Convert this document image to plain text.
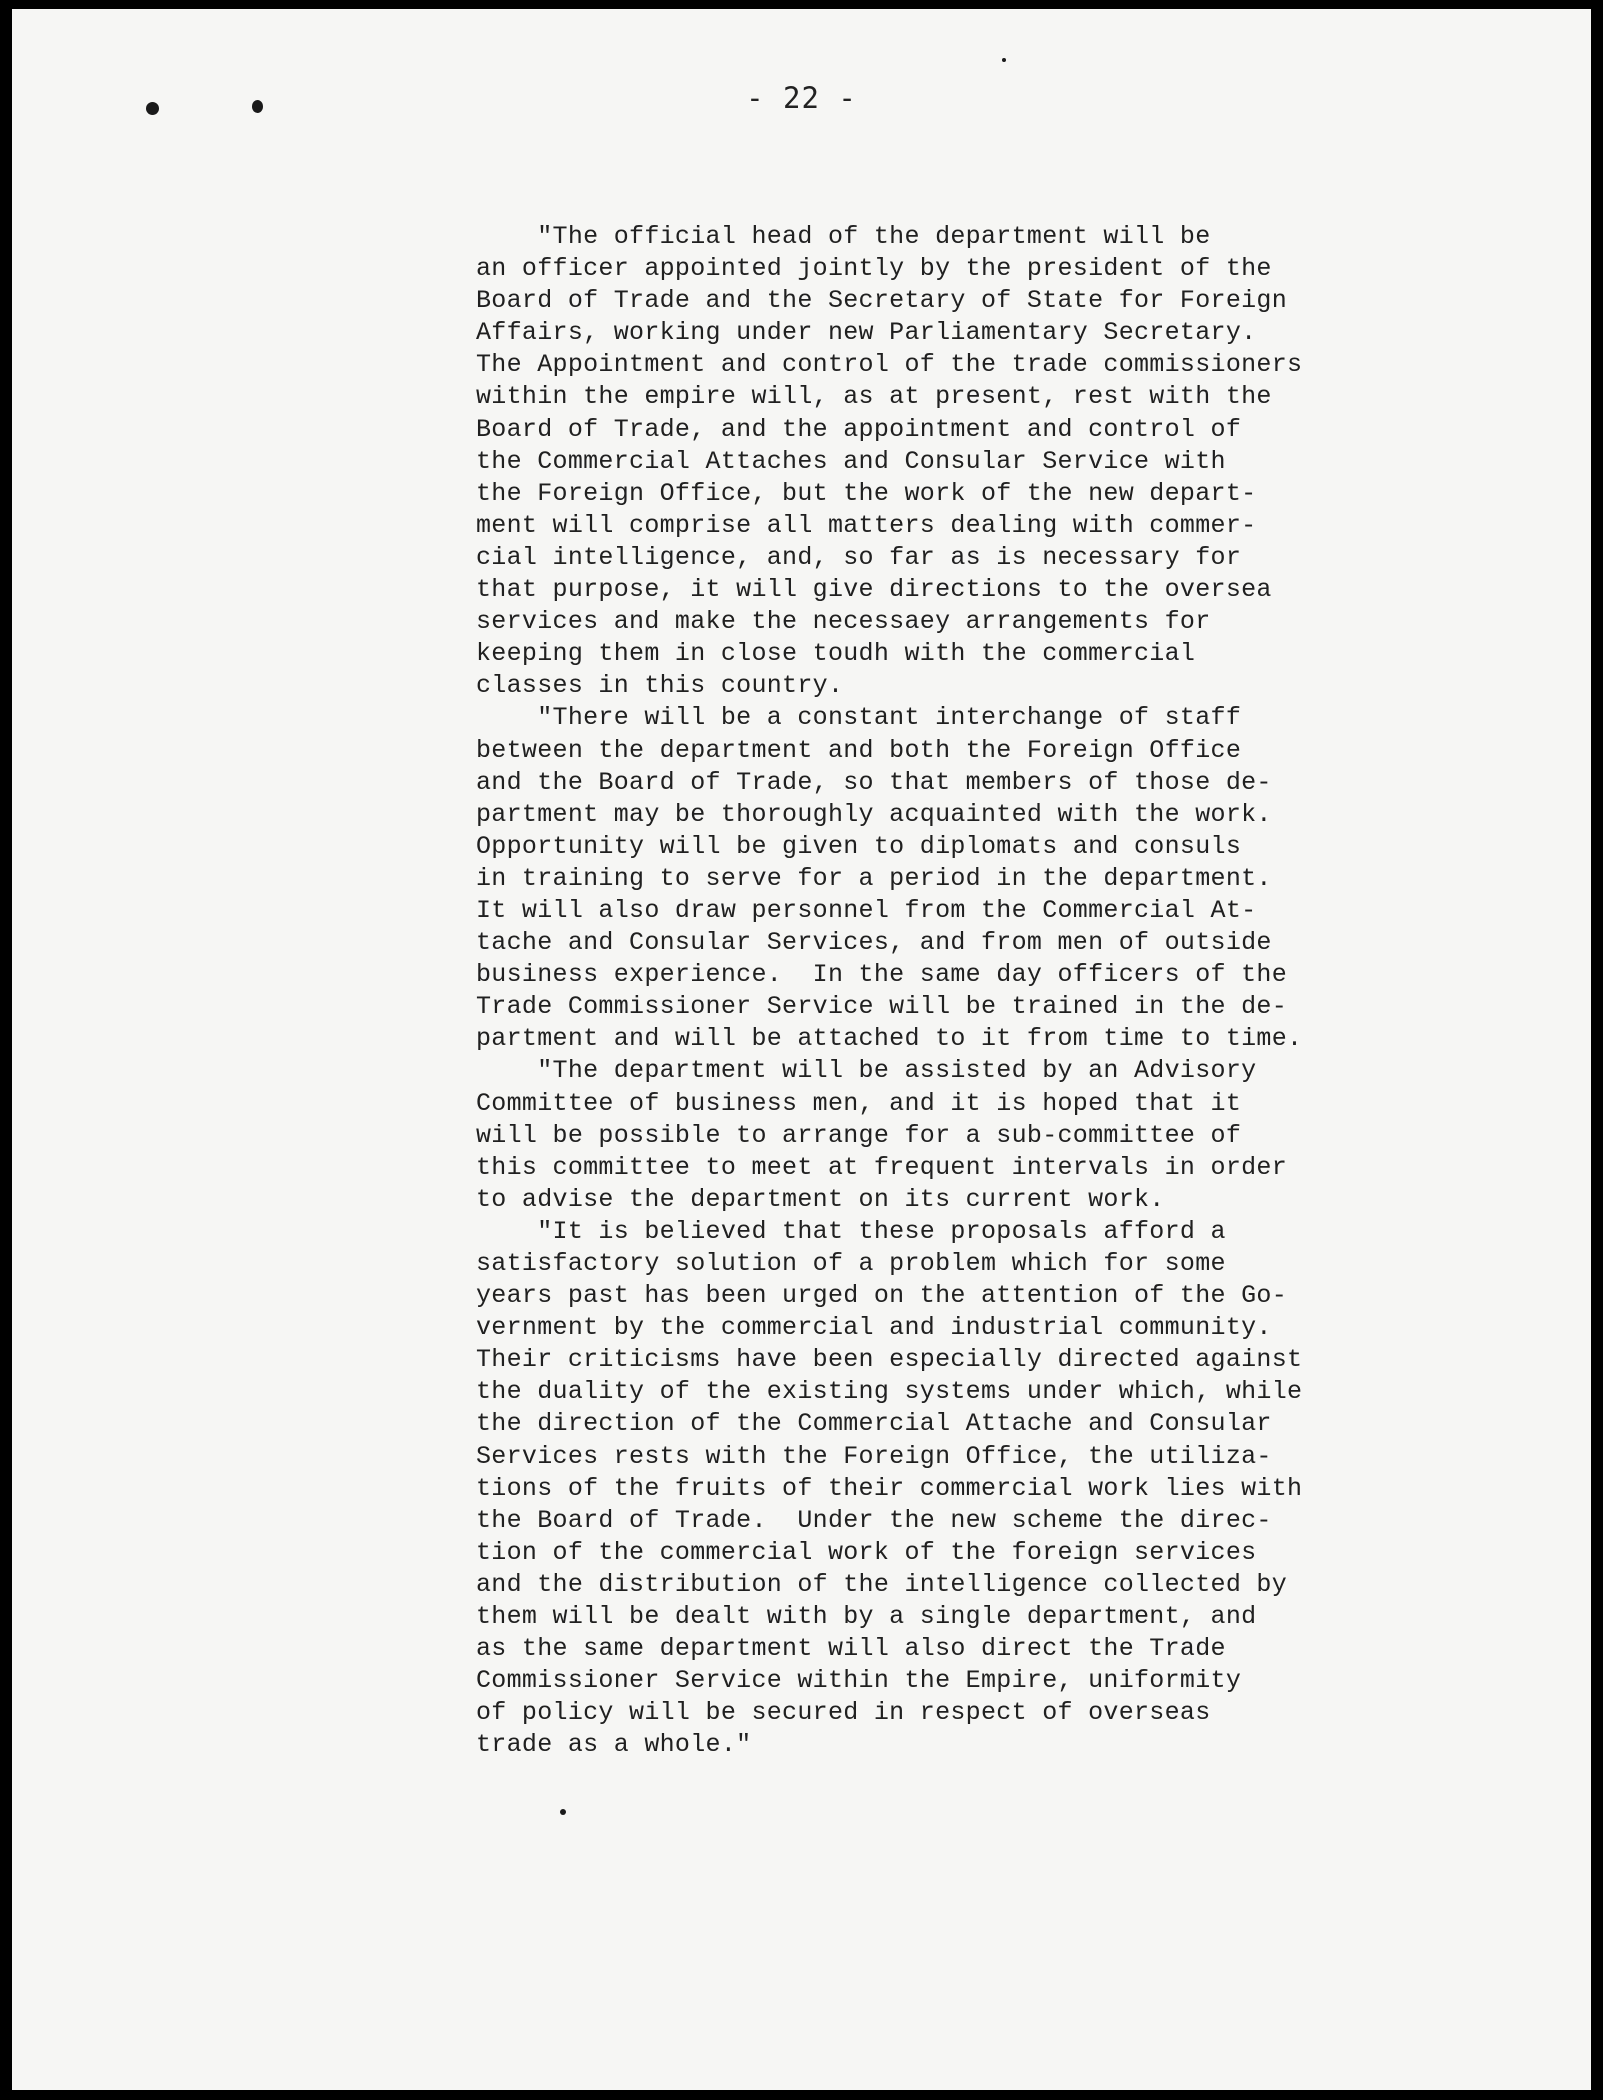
- 22 -
"The official head of the department will be
an officer appointed jointly by the president of the
Board of Trade and the Secretary of State for Foreign
Affairs, working under new Parliamentary Secretary.
The Appointment and control of the trade commissioners
within the empire will, as at present, rest with the
Board of Trade, and the appointment and control of
the Commercial Attaches and Consular Service with
the Foreign Office, but the work of the new depart-
ment will comprise all matters dealing with commer-
cial intelligence, and, so far as is necessary for
that purpose, it will give directions to the oversea
services and make the necessaey arrangements for
keeping them in close toudh with the commercial
classes in this country.
"There will be a constant interchange of staff
between the department and both the Foreign Office
and the Board of Trade, so that members of those de-
partment may be thoroughly acquainted with the work.
Opportunity will be given to diplomats and consuls
in training to serve for a period in the department.
It will also draw personnel from the Commercial At-
tache and Consular Services, and from men of outside
business experience.  In the same day officers of the
Trade Commissioner Service will be trained in the de-
partment and will be attached to it from time to time.
"The department will be assisted by an Advisory
Committee of business men, and it is hoped that it
will be possible to arrange for a sub-committee of
this committee to meet at frequent intervals in order
to advise the department on its current work.
"It is believed that these proposals afford a
satisfactory solution of a problem which for some
years past has been urged on the attention of the Go-
vernment by the commercial and industrial community.
Their criticisms have been especially directed against
the duality of the existing systems under which, while
the direction of the Commercial Attache and Consular
Services rests with the Foreign Office, the utiliza-
tions of the fruits of their commercial work lies with
the Board of Trade.  Under the new scheme the direc-
tion of the commercial work of the foreign services
and the distribution of the intelligence collected by
them will be dealt with by a single department, and
as the same department will also direct the Trade
Commissioner Service within the Empire, uniformity
of policy will be secured in respect of overseas
trade as a whole."
